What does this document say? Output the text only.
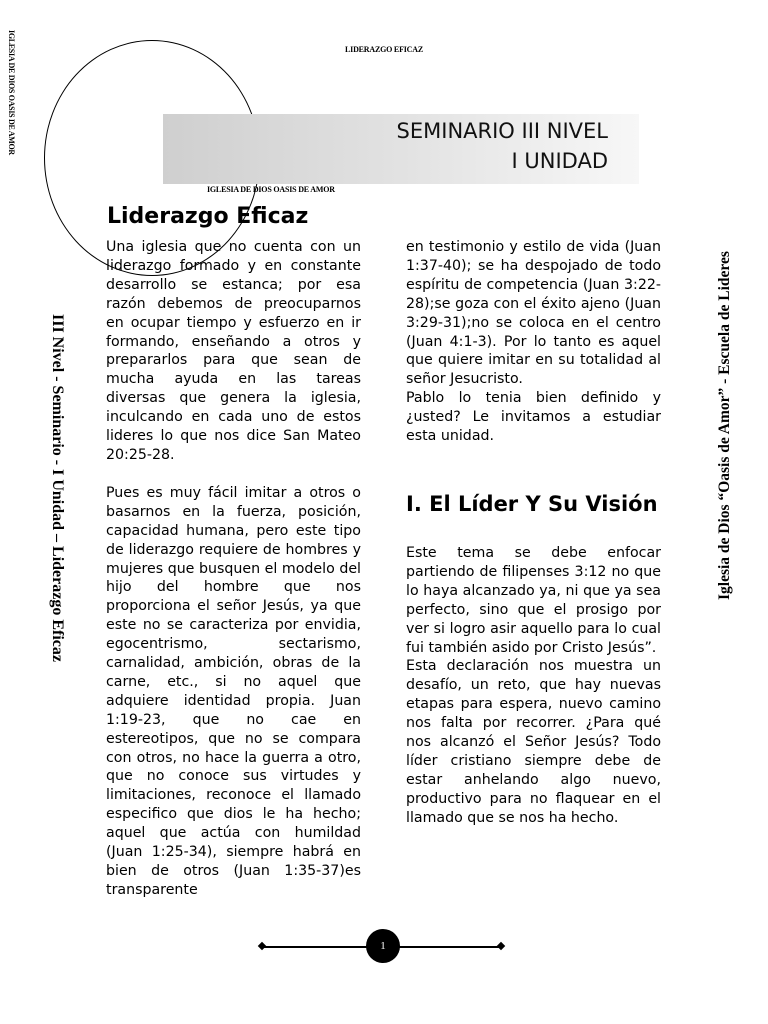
LIDERAZGO EFICAZ
IGLESIA DE DIOS OASIS DE AMOR	SEMINARIO III NIVEL
I UNIDAD
IGLESIA DE DIOS OASIS DE AMOR
Liderazgo Eficaz

Una iglesia que no cuenta con un liderazgo formado y en constante desarrollo se estanca; por esa razón debemos de preocuparnos en ocupar tiempo y esfuerzo en ir formando, enseñando a otros y prepararlos para que sean de mucha ayuda en las tareas diversas que genera la iglesia, inculcando en cada uno de estos lideres lo que nos dice San Mateo 20:25-28.

Pues es muy fácil imitar a otros o basarnos en la fuerza, posición, capacidad humana, pero este tipo de liderazgo requiere de hombres y mujeres que busquen el modelo del hijo del hombre que nos proporciona el señor Jesús, ya que este no se caracteriza por envidia, egocentrismo, sectarismo, carnalidad, ambición, obras de la carne, etc., si no aquel que adquiere identidad propia. Juan 1:19-23, que no cae en estereotipos, que no se compara con otros, no hace la guerra a otro, que no conoce sus virtudes y limitaciones, reconoce el llamado especifico que dios le ha hecho; aquel que actúa con humildad (Juan 1:25-34), siempre habrá en bien de otros (Juan 1:35-37)es transparente

en testimonio y estilo de vida (Juan 1:37-40); se ha despojado de todo espíritu de competencia (Juan 3:22-28);se goza con el éxito ajeno (Juan 3:29-31);no se coloca en el centro (Juan 4:1-3). Por lo tanto es aquel que quiere imitar en su totalidad al señor Jesucristo.

Pablo lo tenia bien definido y ¿usted? Le invitamos a estudiar esta unidad.

I. El Líder Y Su Visión

Este tema se debe enfocar partiendo de filipenses 3:12 no que lo haya alcanzado ya, ni que ya sea perfecto, sino que el prosigo por ver si logro asir aquello para lo cual fui también asido por Cristo Jesús”.

Esta declaración nos muestra un desafío, un reto, que hay nuevas etapas para espera, nuevo camino nos falta por recorrer. ¿Para qué nos alcanzó el Señor Jesús? Todo líder cristiano siempre debe de estar anhelando algo nuevo, productivo para no flaquear en el llamado que se nos ha hecho.

III Nivel - Seminario - I Unidad – Liderazgo Eficaz	Iglesia de Dios “Oasis de Amor” - Escuela de Lideres
1
